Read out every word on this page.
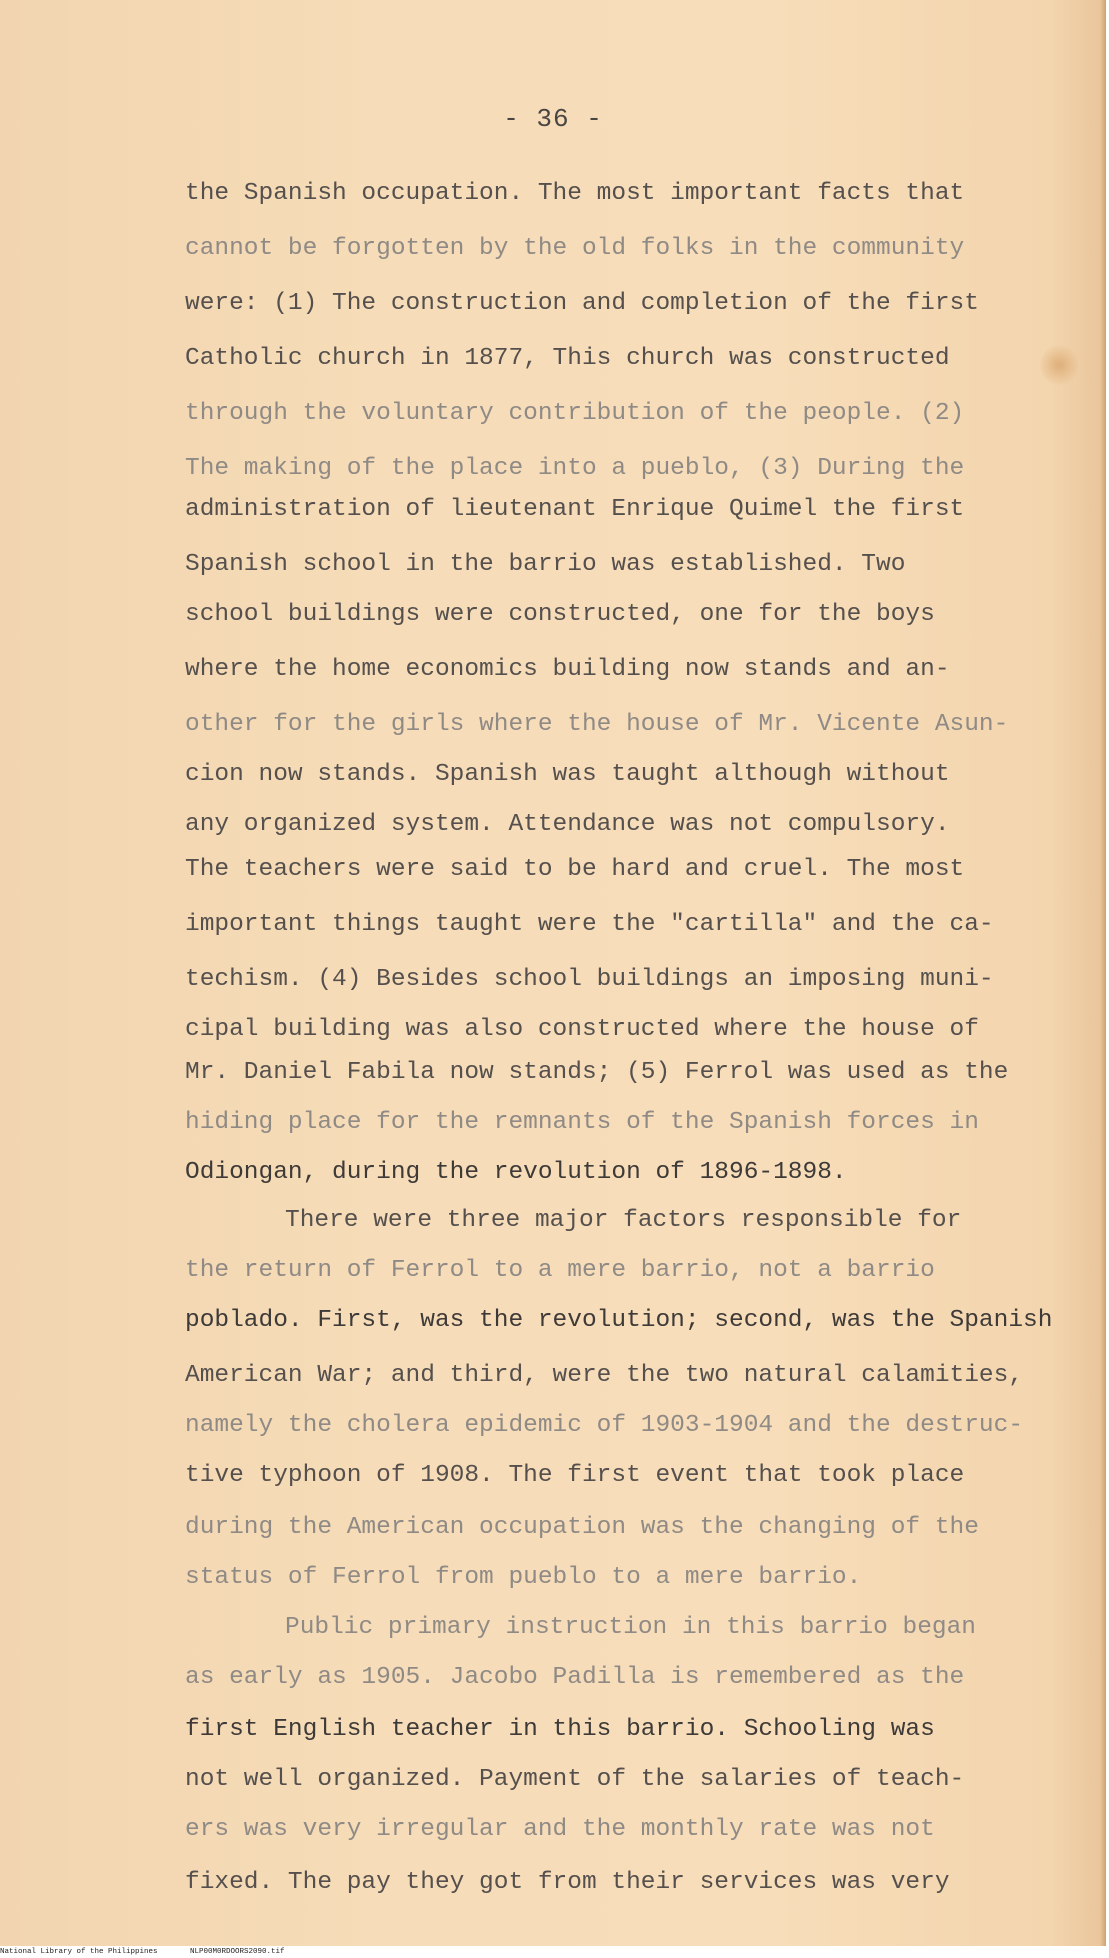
- 36 -
the Spanish occupation. The most important facts that
cannot be forgotten by the old folks in the community
were: (1) The construction and completion of the first
Catholic church in 1877, This church was constructed
through the voluntary contribution of the people. (2)
The making of the place into a pueblo, (3) During the
administration of lieutenant Enrique Quimel the first
Spanish school in the barrio was established. Two
school buildings were constructed, one for the boys
where the home economics building now stands and an-
other for the girls where the house of Mr. Vicente Asun-
cion now stands. Spanish was taught although without
any organized system. Attendance was not compulsory.
The teachers were said to be hard and cruel. The most
important things taught were the "cartilla" and the ca-
techism. (4) Besides school buildings an imposing muni-
cipal building was also constructed where the house of
Mr. Daniel Fabila now stands; (5) Ferrol was used as the
hiding place for the remnants of the Spanish forces in
Odiongan, during the revolution of 1896-1898.
There were three major factors responsible for
the return of Ferrol to a mere barrio, not a barrio
poblado. First, was the revolution; second, was the Spanish
American War; and third, were the two natural calamities,
namely the cholera epidemic of 1903-1904 and the destruc-
tive typhoon of 1908. The first event that took place
during the American occupation was the changing of the
status of Ferrol from pueblo to a mere barrio.
Public primary instruction in this barrio began
as early as 1905. Jacobo Padilla is remembered as the
first English teacher in this barrio. Schooling was
not well organized. Payment of the salaries of teach-
ers was very irregular and the monthly rate was not
fixed. The pay they got from their services was very
National Library of the Philippines	NLP00M0RDOORS2090.tif
